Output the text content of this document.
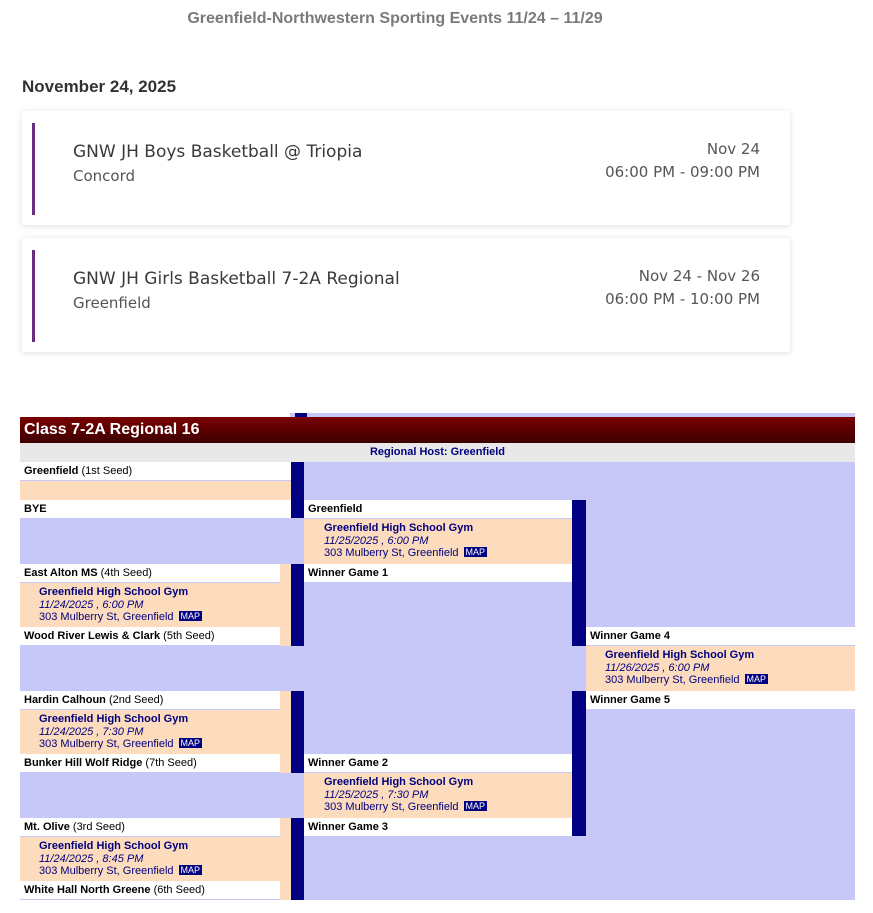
Greenfield-Northwestern Sporting Events 11/24 – 11/29
November 24, 2025
GNW JH Boys Basketball @ Triopia
Concord
Nov 24
06:00 PM - 09:00 PM
GNW JH Girls Basketball 7-2A Regional
Greenfield
Nov 24 - Nov 26
06:00 PM - 10:00 PM
Class 7-2A Regional 16
Regional Host: Greenfield
Greenfield (1st Seed)
BYE
East Alton MS (4th Seed)
Greenfield High School Gym
11/24/2025 , 6:00 PM
303 Mulberry St, Greenfield MAP
Wood River Lewis & Clark (5th Seed)
Hardin Calhoun (2nd Seed)
Greenfield High School Gym
11/24/2025 , 7:30 PM
303 Mulberry St, Greenfield MAP
Bunker Hill Wolf Ridge (7th Seed)
Mt. Olive (3rd Seed)
Greenfield High School Gym
11/24/2025 , 8:45 PM
303 Mulberry St, Greenfield MAP
White Hall North Greene (6th Seed)
Greenfield
Greenfield High School Gym
11/25/2025 , 6:00 PM
303 Mulberry St, Greenfield MAP
Winner Game 1
Winner Game 2
Greenfield High School Gym
11/25/2025 , 7:30 PM
303 Mulberry St, Greenfield MAP
Winner Game 3
Winner Game 4
Greenfield High School Gym
11/26/2025 , 6:00 PM
303 Mulberry St, Greenfield MAP
Winner Game 5
